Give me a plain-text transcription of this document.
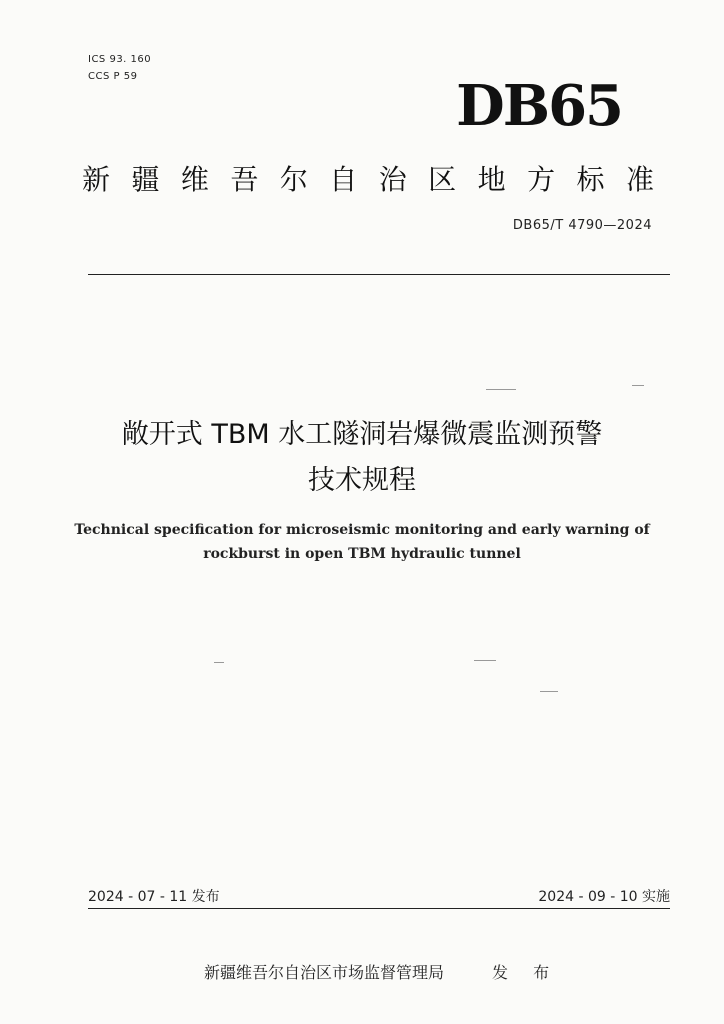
ICS 93. 160
CCS P 59	DB65
新疆维吾尔自治区地方标准
DB65/T 4790—2024
敞开式 TBM 水工隧洞岩爆微震监测预警
技术规程
Technical specification for microseismic monitoring and early warning of
rockburst in open TBM hydraulic tunnel
2024 - 07 - 11 发布	2024 - 09 - 10 实施
新疆维吾尔自治区市场监督管理局	发 布
